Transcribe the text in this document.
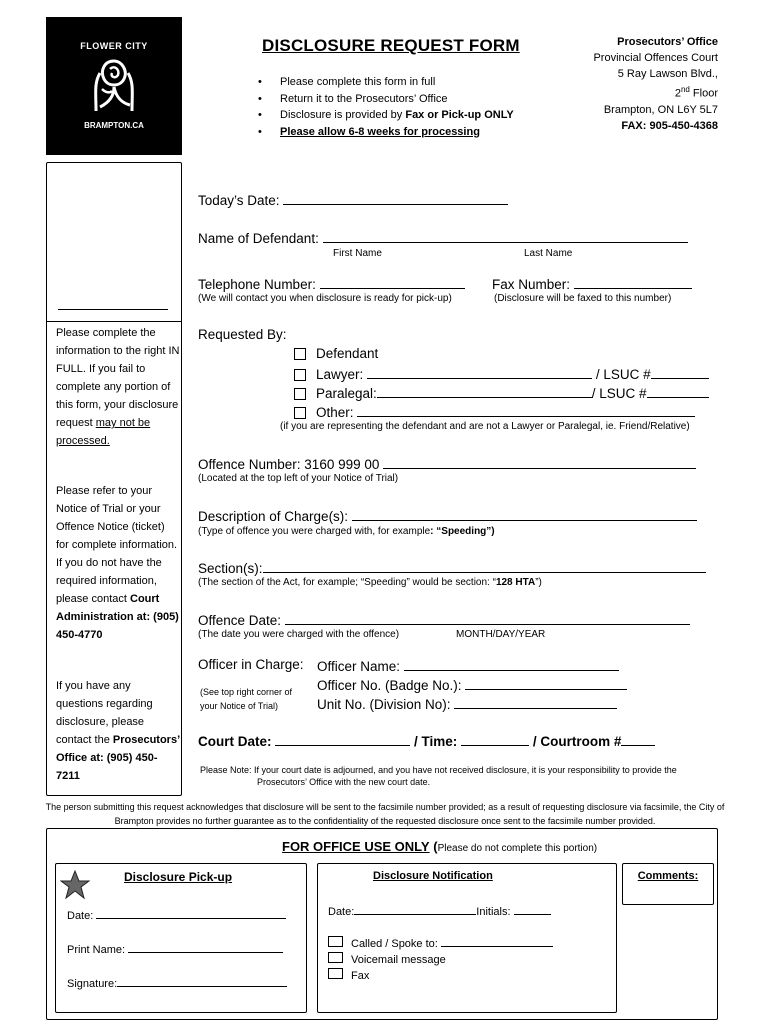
FLOWER CITY
BRAMPTON.CA
DISCLOSURE REQUEST FORM
• Please complete this form in full
• Return it to the Prosecutors’ Office
• Disclosure is provided by Fax or Pick-up ONLY
• Please allow 6-8 weeks for processing
Prosecutors’ Office
Provincial Offences Court
5 Ray Lawson Blvd.,
2nd Floor
Brampton, ON L6Y 5L7
FAX: 905-450-4368
Please complete the information to the right IN FULL. If you fail to complete any portion of this form, your disclosure request may not be processed.
Please refer to your Notice of Trial or your Offence Notice (ticket) for complete information. If you do not have the required information, please contact Court Administration at: (905) 450-4770
If you have any questions regarding disclosure, please contact the Prosecutors’ Office at: (905) 450-7211
Today’s Date:
Name of Defendant:
First Name	Last Name
Telephone Number:
(We will contact you when disclosure is ready for pick-up)
Fax Number:
(Disclosure will be faxed to this number)
Requested By:
Defendant
Lawyer:	/ LSUC #
Paralegal:	/ LSUC #
Other:
(if you are representing the defendant and are not a Lawyer or Paralegal, ie. Friend/Relative)
Offence Number: 3160 999 00
(Located at the top left of your Notice of Trial)
Description of Charge(s):
(Type of offence you were charged with, for example: “Speeding”)
Section(s):
(The section of the Act, for example; “Speeding” would be section: “128 HTA”)
Offence Date:
(The date you were charged with the offence)	MONTH/DAY/YEAR
Officer in Charge:
(See top right corner of
your Notice of Trial)
Officer Name:
Officer No. (Badge No.):
Unit No. (Division No):
Court Date:	/ Time:	/ Courtroom #
Please Note: If your court date is adjourned, and you have not received disclosure, it is your responsibility to provide the
Prosecutors’ Office with the new court date.
The person submitting this request acknowledges that disclosure will be sent to the facsimile number provided; as a result of requesting disclosure via facsimile, the City of Brampton provides no further guarantee as to the confidentiality of the requested disclosure once sent to the facsimile number provided.
FOR OFFICE USE ONLY (Please do not complete this portion)
Disclosure Pick-up
Date:
Print Name:
Signature:
Disclosure Notification
Date:	Initials:
Called / Spoke to:
Voicemail message
Fax
Comments:
